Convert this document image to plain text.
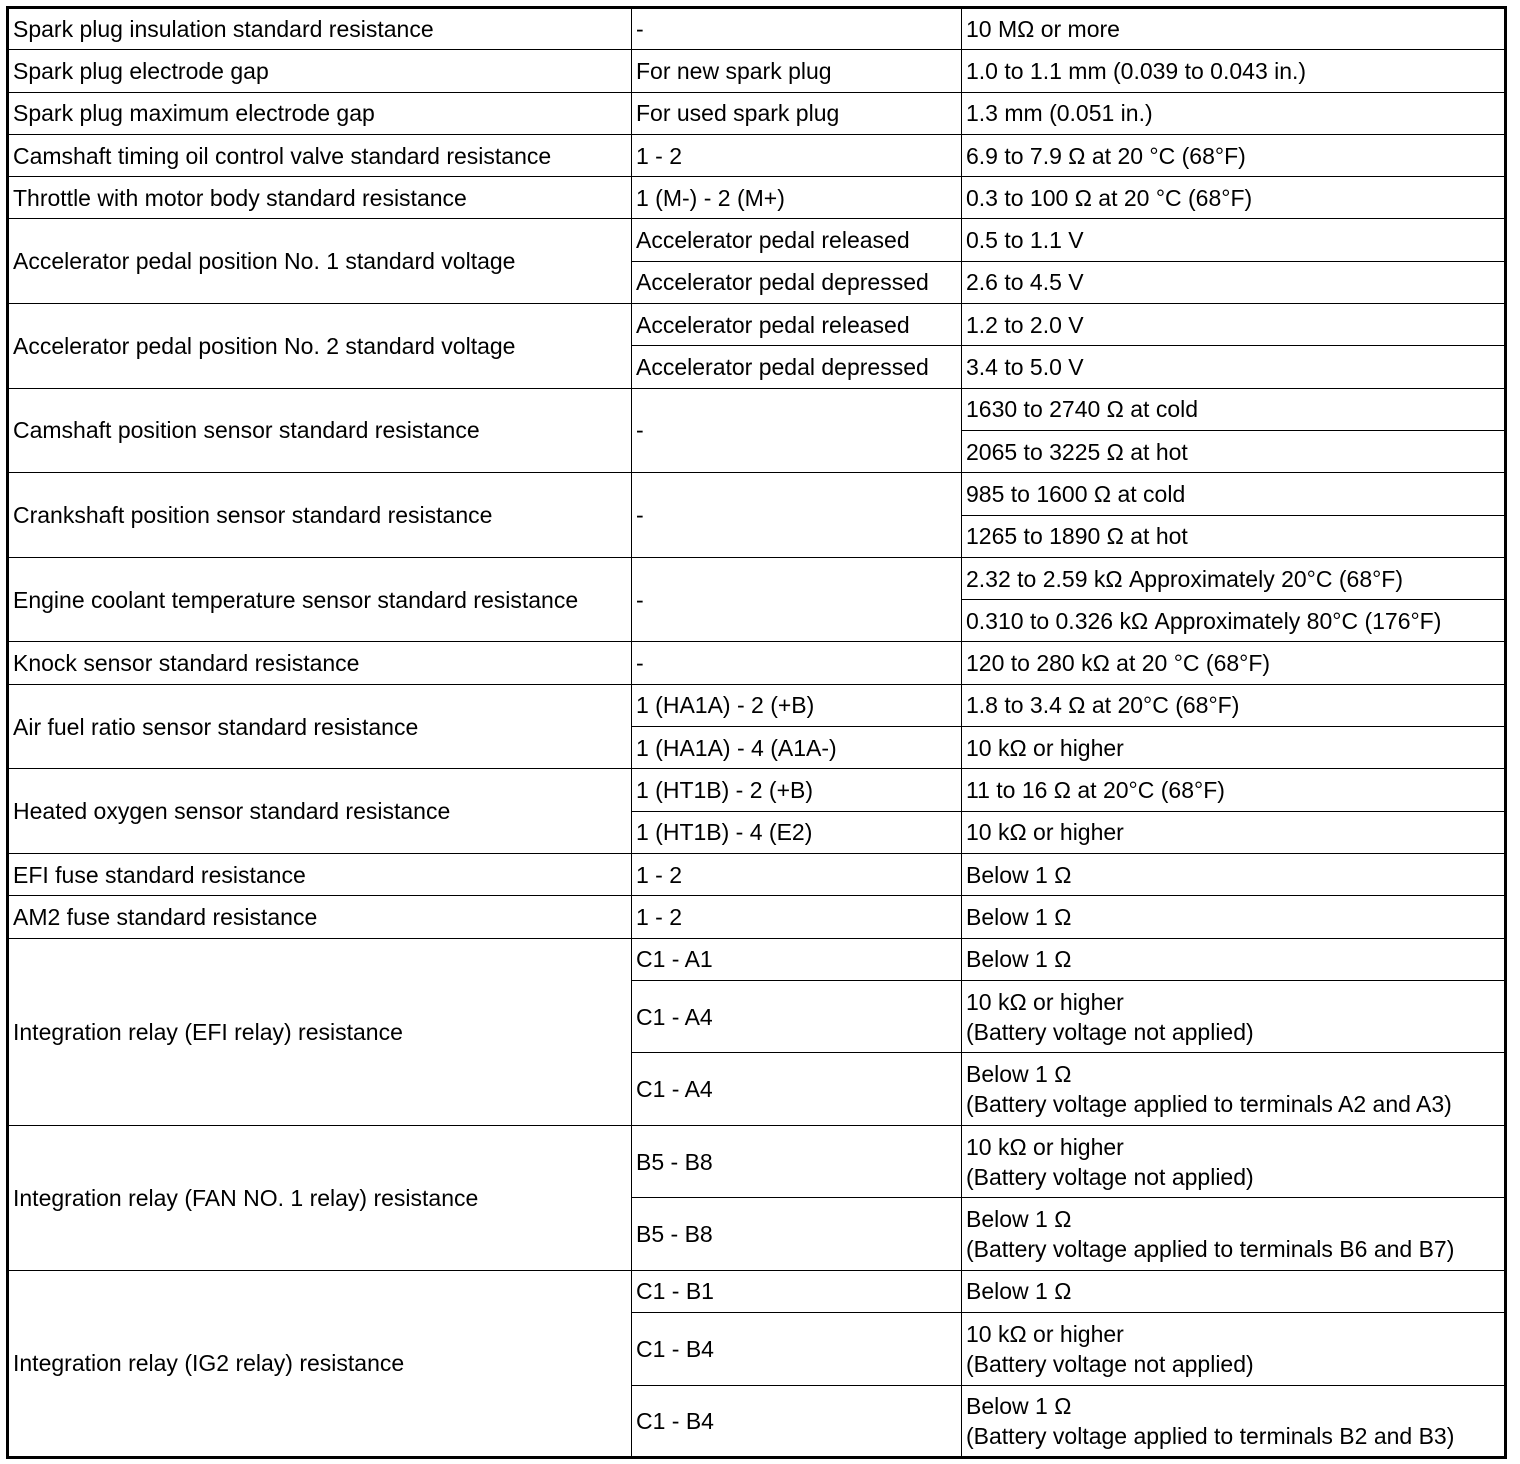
Spark plug insulation standard resistance	-	10 MΩ or more
Spark plug electrode gap	For new spark plug	1.0 to 1.1 mm (0.039 to 0.043 in.)
Spark plug maximum electrode gap	For used spark plug	1.3 mm (0.051 in.)
Camshaft timing oil control valve standard resistance	1 - 2	6.9 to 7.9 Ω at 20 °C (68°F)
Throttle with motor body standard resistance	1 (M-) - 2 (M+)	0.3 to 100 Ω at 20 °C (68°F)
Accelerator pedal position No. 1 standard voltage	Accelerator pedal released	0.5 to 1.1 V
	Accelerator pedal depressed	2.6 to 4.5 V
Accelerator pedal position No. 2 standard voltage	Accelerator pedal released	1.2 to 2.0 V
	Accelerator pedal depressed	3.4 to 5.0 V
Camshaft position sensor standard resistance	-	1630 to 2740 Ω at cold
		2065 to 3225 Ω at hot
Crankshaft position sensor standard resistance	-	985 to 1600 Ω at cold
		1265 to 1890 Ω at hot
Engine coolant temperature sensor standard resistance	-	2.32 to 2.59 kΩ Approximately 20°C (68°F)
		0.310 to 0.326 kΩ Approximately 80°C (176°F)
Knock sensor standard resistance	-	120 to 280 kΩ at 20 °C (68°F)
Air fuel ratio sensor standard resistance	1 (HA1A) - 2 (+B)	1.8 to 3.4 Ω at 20°C (68°F)
	1 (HA1A) - 4 (A1A-)	10 kΩ or higher
Heated oxygen sensor standard resistance	1 (HT1B) - 2 (+B)	11 to 16 Ω at 20°C (68°F)
	1 (HT1B) - 4 (E2)	10 kΩ or higher
EFI fuse standard resistance	1 - 2	Below 1 Ω
AM2 fuse standard resistance	1 - 2	Below 1 Ω
Integration relay (EFI relay) resistance	C1 - A1	Below 1 Ω
	C1 - A4	10 kΩ or higher
(Battery voltage not applied)
	C1 - A4	Below 1 Ω
(Battery voltage applied to terminals A2 and A3)
Integration relay (FAN NO. 1 relay) resistance	B5 - B8	10 kΩ or higher
(Battery voltage not applied)
	B5 - B8	Below 1 Ω
(Battery voltage applied to terminals B6 and B7)
Integration relay (IG2 relay) resistance	C1 - B1	Below 1 Ω
	C1 - B4	10 kΩ or higher
(Battery voltage not applied)
	C1 - B4	Below 1 Ω
(Battery voltage applied to terminals B2 and B3)
